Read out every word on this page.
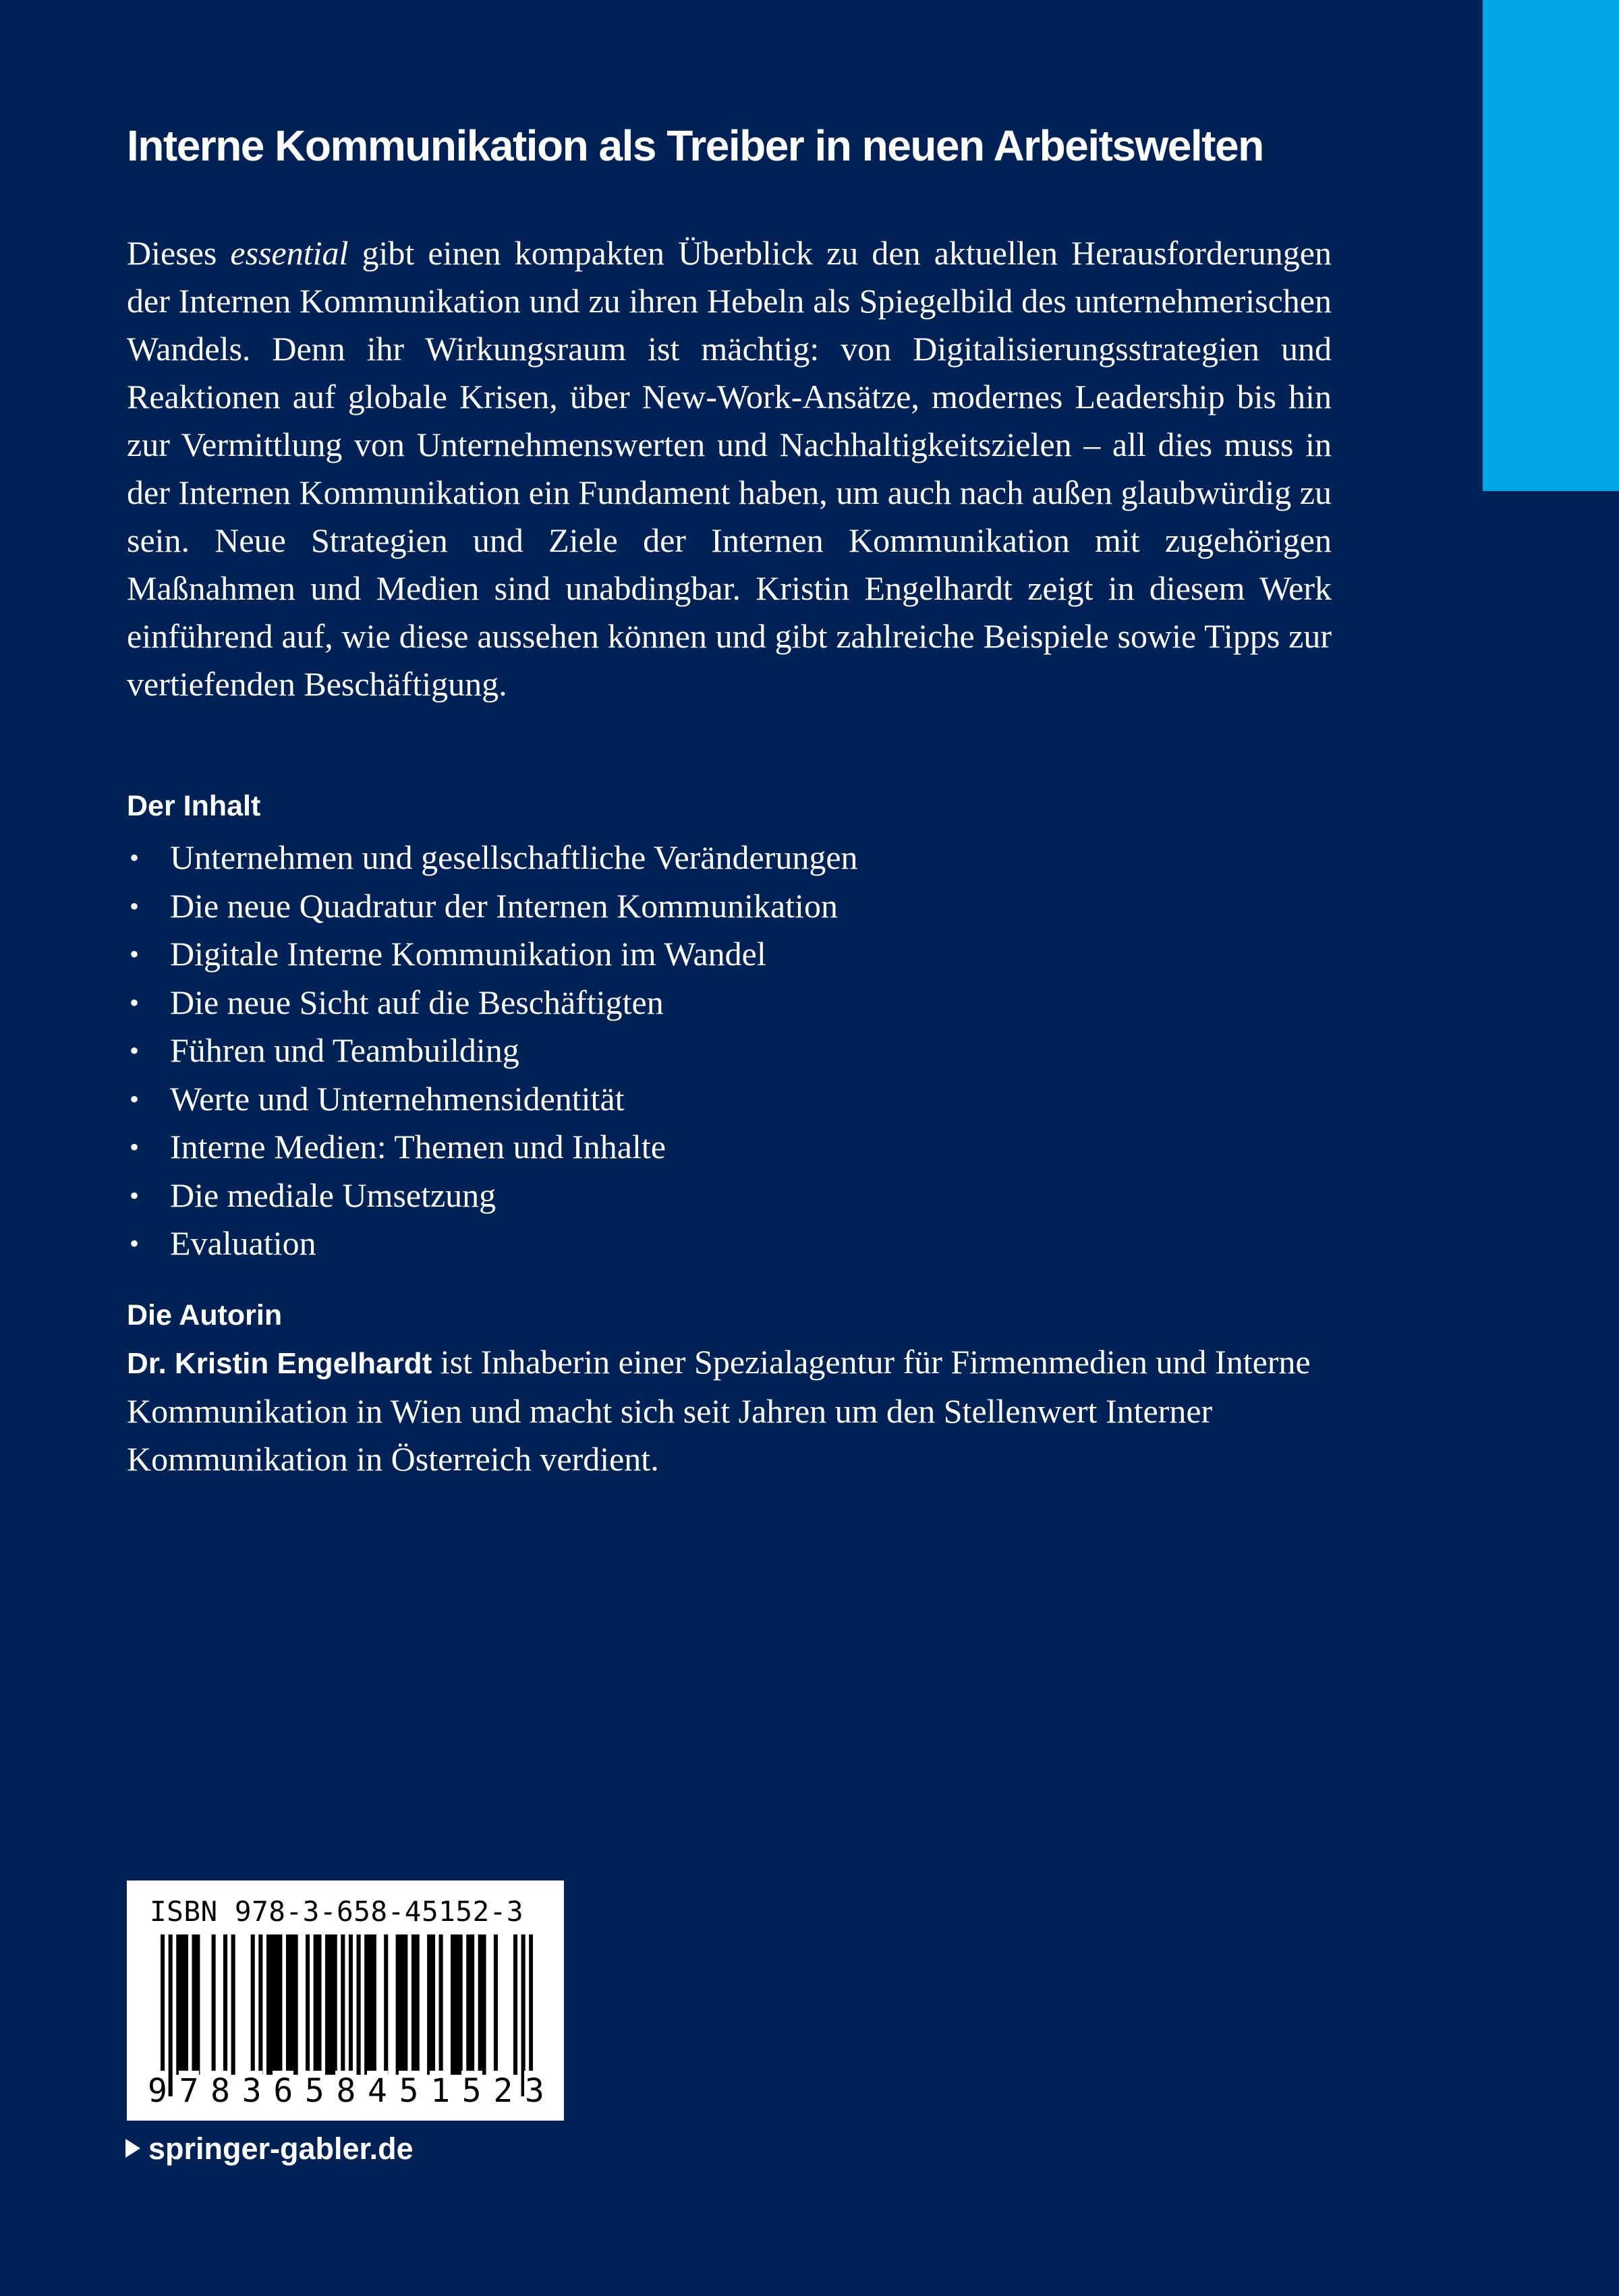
Interne Kommunikation als Treiber in neuen Arbeitswelten

Dieses essential gibt einen kompakten Überblick zu den aktuellen Herausforderungen der Internen Kommunikation und zu ihren Hebeln als Spiegelbild des unternehmerischen Wandels. Denn ihr Wirkungsraum ist mächtig: von Digitalisierungsstrategien und Reaktionen auf globale Krisen, über New-Work-Ansätze, modernes Leadership bis hin zur Vermittlung von Unternehmenswerten und Nachhaltigkeitszielen – all dies muss in der Internen Kommunikation ein Fundament haben, um auch nach außen glaubwürdig zu sein. Neue Strategien und Ziele der Internen Kommunikation mit zugehörigen Maßnahmen und Medien sind unabdingbar. Kristin Engelhardt zeigt in diesem Werk einführend auf, wie diese aussehen können und gibt zahlreiche Beispiele sowie Tipps zur vertiefenden Beschäftigung.

Der Inhalt
• Unternehmen und gesellschaftliche Veränderungen
• Die neue Quadratur der Internen Kommunikation
• Digitale Interne Kommunikation im Wandel
• Die neue Sicht auf die Beschäftigten
• Führen und Teambuilding
• Werte und Unternehmensidentität
• Interne Medien: Themen und Inhalte
• Die mediale Umsetzung
• Evaluation
Die Autorin

Dr. Kristin Engelhardt ist Inhaberin einer Spezialagentur für Firmenmedien und Interne Kommunikation in Wien und macht sich seit Jahren um den Stellenwert Interner Kommunikation in Österreich verdient.

ISBN 978-3-658-45152-3
9 7 8 3 6 5 8 4 5 1 5 2 3
springer-gabler.de
